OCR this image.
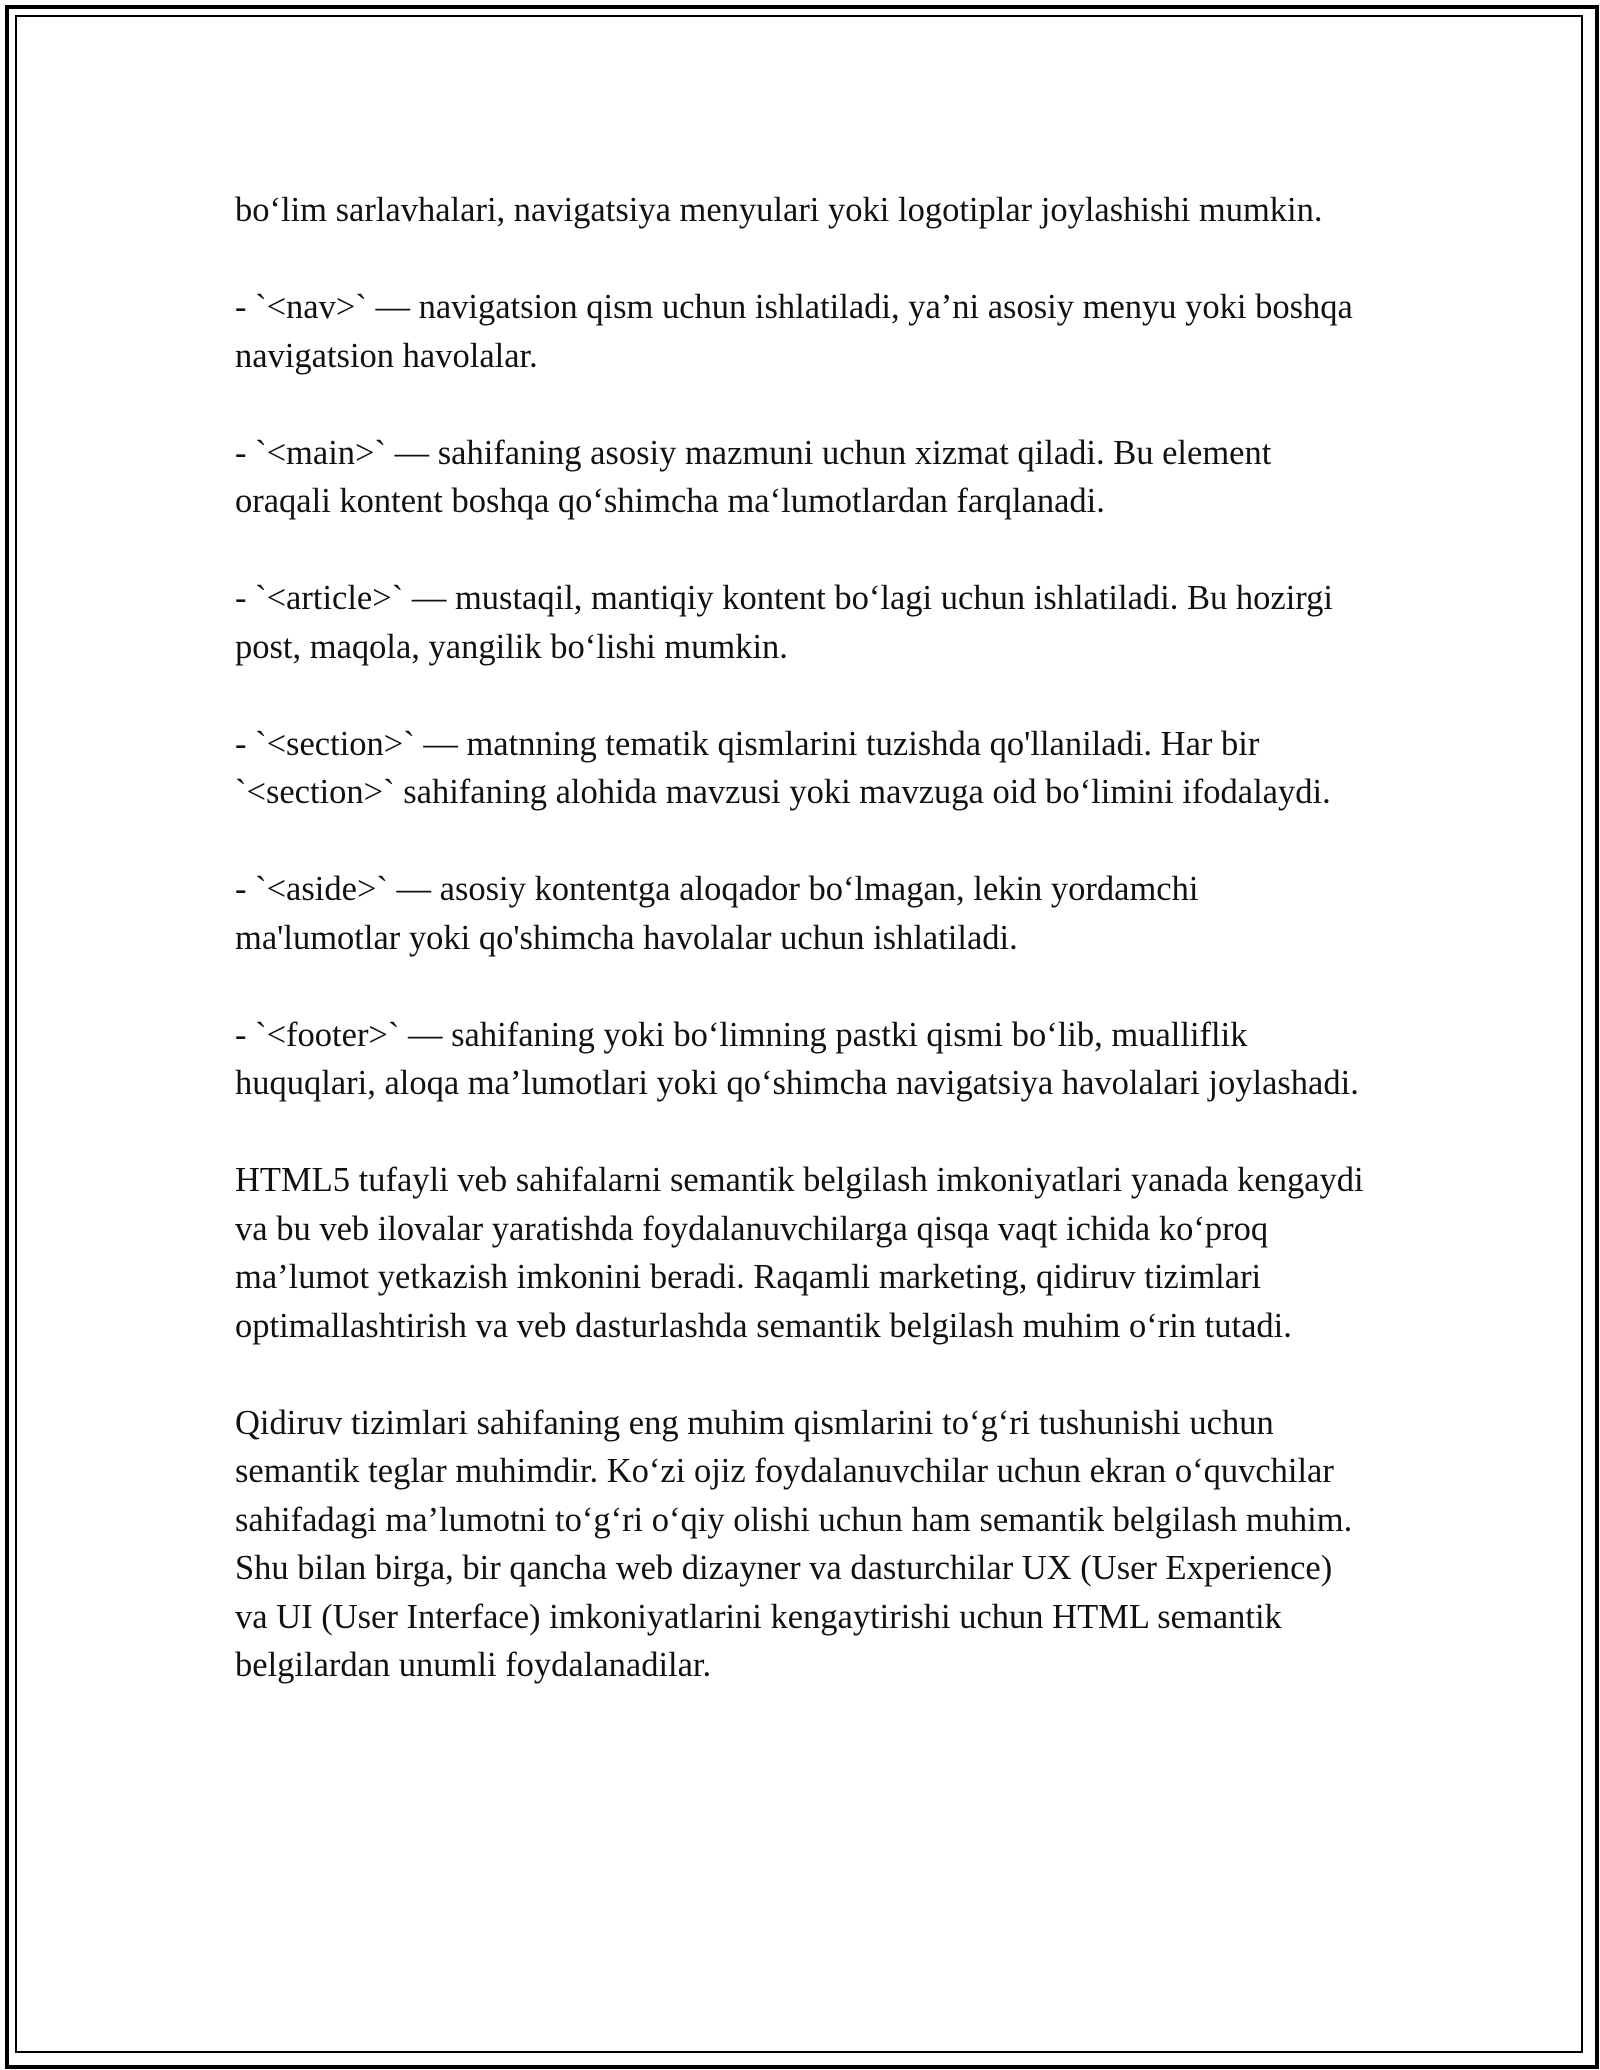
bo‘lim sarlavhalari, navigatsiya menyulari yoki logotiplar joylashishi mumkin.

- `<nav>` — navigatsion qism uchun ishlatiladi, ya’ni asosiy menyu yoki boshqa navigatsion havolalar.

- `<main>` — sahifaning asosiy mazmuni uchun xizmat qiladi. Bu element oraqali kontent boshqa qo‘shimcha ma‘lumotlardan farqlanadi.

- `<article>` — mustaqil, mantiqiy kontent bo‘lagi uchun ishlatiladi. Bu hozirgi post, maqola, yangilik bo‘lishi mumkin.

- `<section>` — matnning tematik qismlarini tuzishda qo'llaniladi. Har bir `<section>` sahifaning alohida mavzusi yoki mavzuga oid bo‘limini ifodalaydi.

- `<aside>` — asosiy kontentga aloqador bo‘lmagan, lekin yordamchi ma'lumotlar yoki qo'shimcha havolalar uchun ishlatiladi.

- `<footer>` — sahifaning yoki bo‘limning pastki qismi bo‘lib, mualliflik huquqlari, aloqa ma’lumotlari yoki qo‘shimcha navigatsiya havolalari joylashadi.

HTML5 tufayli veb sahifalarni semantik belgilash imkoniyatlari yanada kengaydi va bu veb ilovalar yaratishda foydalanuvchilarga qisqa vaqt ichida ko‘proq ma’lumot yetkazish imkonini beradi. Raqamli marketing, qidiruv tizimlari optimallashtirish va veb dasturlashda semantik belgilash muhim o‘rin tutadi.

Qidiruv tizimlari sahifaning eng muhim qismlarini to‘g‘ri tushunishi uchun semantik teglar muhimdir. Ko‘zi ojiz foydalanuvchilar uchun ekran o‘quvchilar sahifadagi ma’lumotni to‘g‘ri o‘qiy olishi uchun ham semantik belgilash muhim. Shu bilan birga, bir qancha web dizayner va dasturchilar UX (User Experience) va UI (User Interface) imkoniyatlarini kengaytirishi uchun HTML semantik belgilardan unumli foydalanadilar.
